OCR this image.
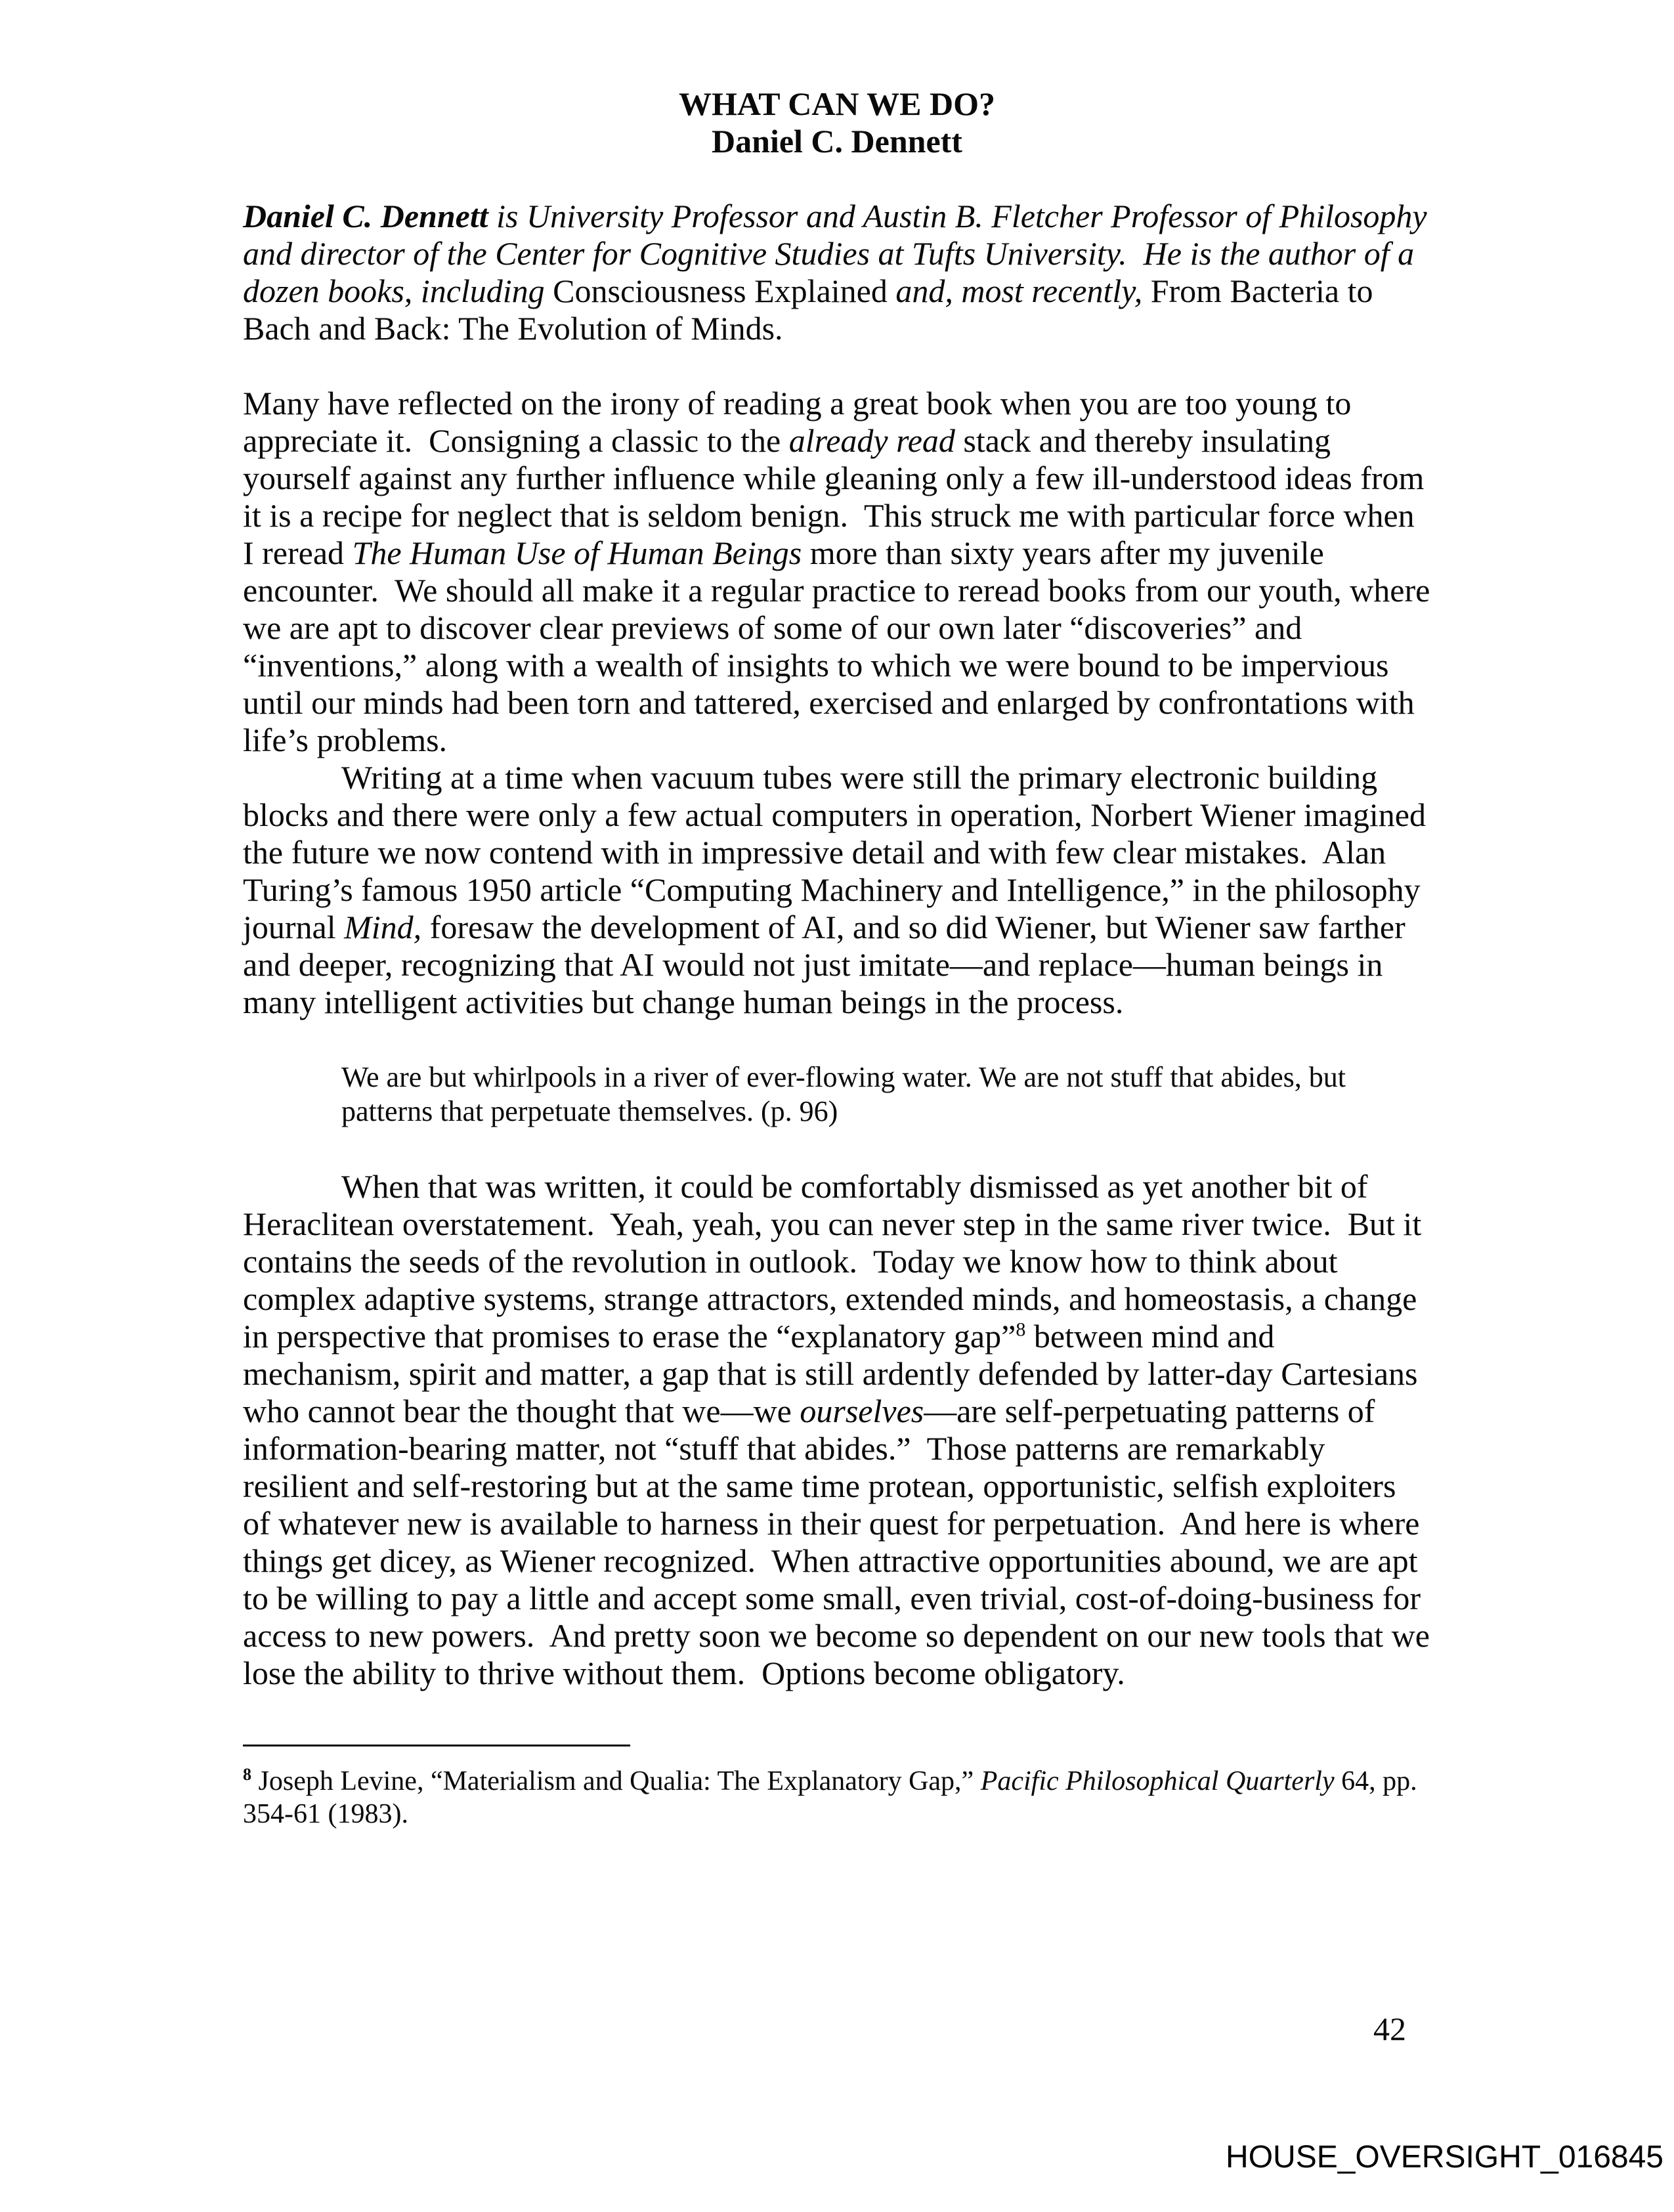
WHAT CAN WE DO?
Daniel C. Dennett

Daniel C. Dennett is University Professor and Austin B. Fletcher Professor of Philosophy and director of the Center for Cognitive Studies at Tufts University.  He is the author of a dozen books, including Consciousness Explained and, most recently, From Bacteria to Bach and Back: The Evolution of Minds.

Many have reflected on the irony of reading a great book when you are too young to appreciate it.  Consigning a classic to the already read stack and thereby insulating yourself against any further influence while gleaning only a few ill-understood ideas from it is a recipe for neglect that is seldom benign.  This struck me with particular force when I reread The Human Use of Human Beings more than sixty years after my juvenile encounter.  We should all make it a regular practice to reread books from our youth, where we are apt to discover clear previews of some of our own later “discoveries” and “inventions,” along with a wealth of insights to which we were bound to be impervious until our minds had been torn and tattered, exercised and enlarged by confrontations with life’s problems.

Writing at a time when vacuum tubes were still the primary electronic building blocks and there were only a few actual computers in operation, Norbert Wiener imagined the future we now contend with in impressive detail and with few clear mistakes.  Alan Turing’s famous 1950 article “Computing Machinery and Intelligence,” in the philosophy journal Mind, foresaw the development of AI, and so did Wiener, but Wiener saw farther and deeper, recognizing that AI would not just imitate—and replace—human beings in many intelligent activities but change human beings in the process.

We are but whirlpools in a river of ever-flowing water. We are not stuff that abides, but patterns that perpetuate themselves. (p. 96)

When that was written, it could be comfortably dismissed as yet another bit of Heraclitean overstatement.  Yeah, yeah, you can never step in the same river twice.  But it contains the seeds of the revolution in outlook.  Today we know how to think about complex adaptive systems, strange attractors, extended minds, and homeostasis, a change in perspective that promises to erase the “explanatory gap”$^8$ between mind and mechanism, spirit and matter, a gap that is still ardently defended by latter-day Cartesians who cannot bear the thought that we—we ourselves—are self-perpetuating patterns of information-bearing matter, not “stuff that abides.”  Those patterns are remarkably resilient and self-restoring but at the same time protean, opportunistic, selfish exploiters of whatever new is available to harness in their quest for perpetuation.  And here is where things get dicey, as Wiener recognized.  When attractive opportunities abound, we are apt to be willing to pay a little and accept some small, even trivial, cost-of-doing-business for access to new powers.  And pretty soon we become so dependent on our new tools that we lose the ability to thrive without them.  Options become obligatory.

$^8$ Joseph Levine, “Materialism and Qualia: The Explanatory Gap,” Pacific Philosophical Quarterly 64, pp. 354-61 (1983).

42
HOUSE_OVERSIGHT_016845
